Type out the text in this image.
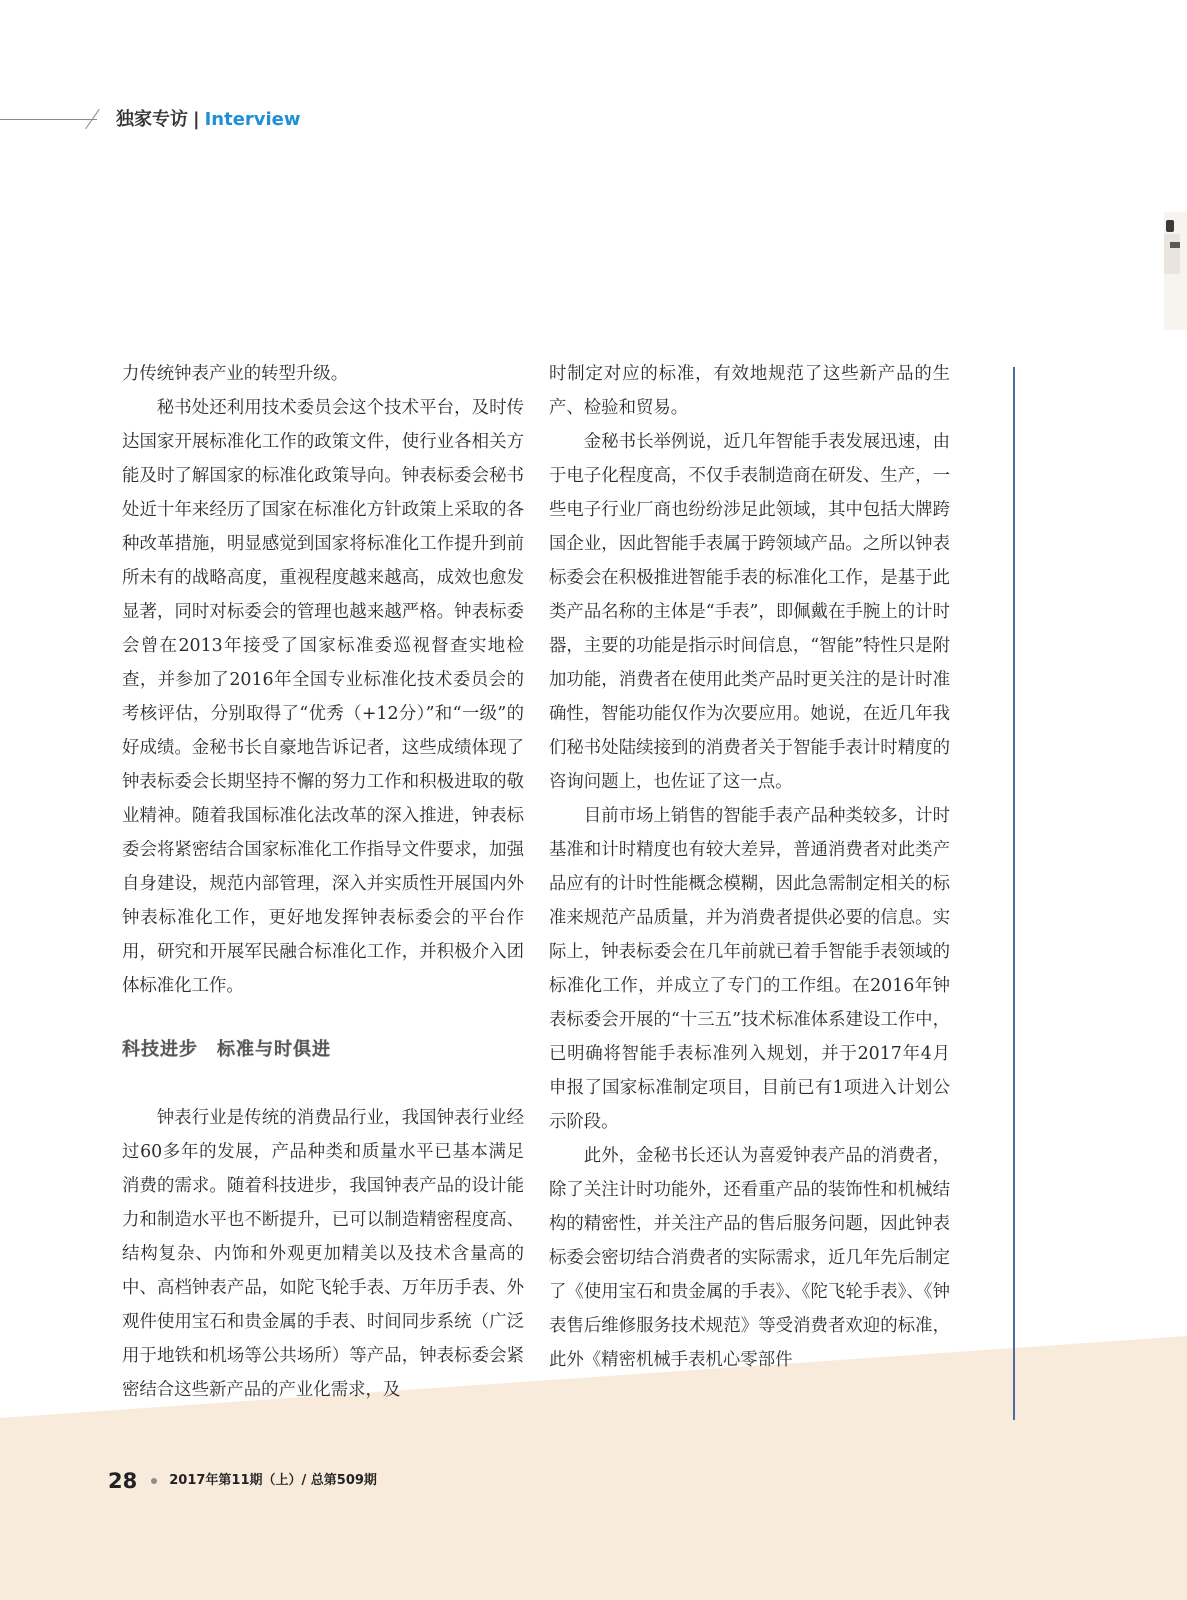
独家专访 | Interview

力传统钟表产业的转型升级。

秘书处还利用技术委员会这个技术平台，及时传达国家开展标准化工作的政策文件，使行业各相关方能及时了解国家的标准化政策导向。钟表标委会秘书处近十年来经历了国家在标准化方针政策上采取的各种改革措施，明显感觉到国家将标准化工作提升到前所未有的战略高度，重视程度越来越高，成效也愈发显著，同时对标委会的管理也越来越严格。钟表标委会曾在2013年接受了国家标准委巡视督查实地检查，并参加了2016年全国专业标准化技术委员会的考核评估，分别取得了“优秀（+12分）”和“一级”的好成绩。金秘书长自豪地告诉记者，这些成绩体现了钟表标委会长期坚持不懈的努力工作和积极进取的敬业精神。随着我国标准化法改革的深入推进，钟表标委会将紧密结合国家标准化工作指导文件要求，加强自身建设，规范内部管理，深入并实质性开展国内外钟表标准化工作，更好地发挥钟表标委会的平台作用，研究和开展军民融合标准化工作，并积极介入团体标准化工作。

科技进步　标准与时俱进

钟表行业是传统的消费品行业，我国钟表行业经过60多年的发展，产品种类和质量水平已基本满足消费的需求。随着科技进步，我国钟表产品的设计能力和制造水平也不断提升，已可以制造精密程度高、结构复杂、内饰和外观更加精美以及技术含量高的中、高档钟表产品，如陀飞轮手表、万年历手表、外观件使用宝石和贵金属的手表、时间同步系统（广泛用于地铁和机场等公共场所）等产品，钟表标委会紧密结合这些新产品的产业化需求，及

时制定对应的标准，有效地规范了这些新产品的生产、检验和贸易。

金秘书长举例说，近几年智能手表发展迅速，由于电子化程度高，不仅手表制造商在研发、生产，一些电子行业厂商也纷纷涉足此领域，其中包括大牌跨国企业，因此智能手表属于跨领域产品。之所以钟表标委会在积极推进智能手表的标准化工作，是基于此类产品名称的主体是“手表”，即佩戴在手腕上的计时器，主要的功能是指示时间信息，“智能”特性只是附加功能，消费者在使用此类产品时更关注的是计时准确性，智能功能仅作为次要应用。她说，在近几年我们秘书处陆续接到的消费者关于智能手表计时精度的咨询问题上，也佐证了这一点。

目前市场上销售的智能手表产品种类较多，计时基准和计时精度也有较大差异，普通消费者对此类产品应有的计时性能概念模糊，因此急需制定相关的标准来规范产品质量，并为消费者提供必要的信息。实际上，钟表标委会在几年前就已着手智能手表领域的标准化工作，并成立了专门的工作组。在2016年钟表标委会开展的“十三五”技术标准体系建设工作中，已明确将智能手表标准列入规划，并于2017年4月申报了国家标准制定项目，目前已有1项进入计划公示阶段。

此外，金秘书长还认为喜爱钟表产品的消费者，除了关注计时功能外，还看重产品的装饰性和机械结构的精密性，并关注产品的售后服务问题，因此钟表标委会密切结合消费者的实际需求，近几年先后制定了《使用宝石和贵金属的手表》、《陀飞轮手表》、《钟表售后维修服务技术规范》等受消费者欢迎的标准，此外《精密机械手表机心零部件

28 2017年第11期（上）/ 总第509期
